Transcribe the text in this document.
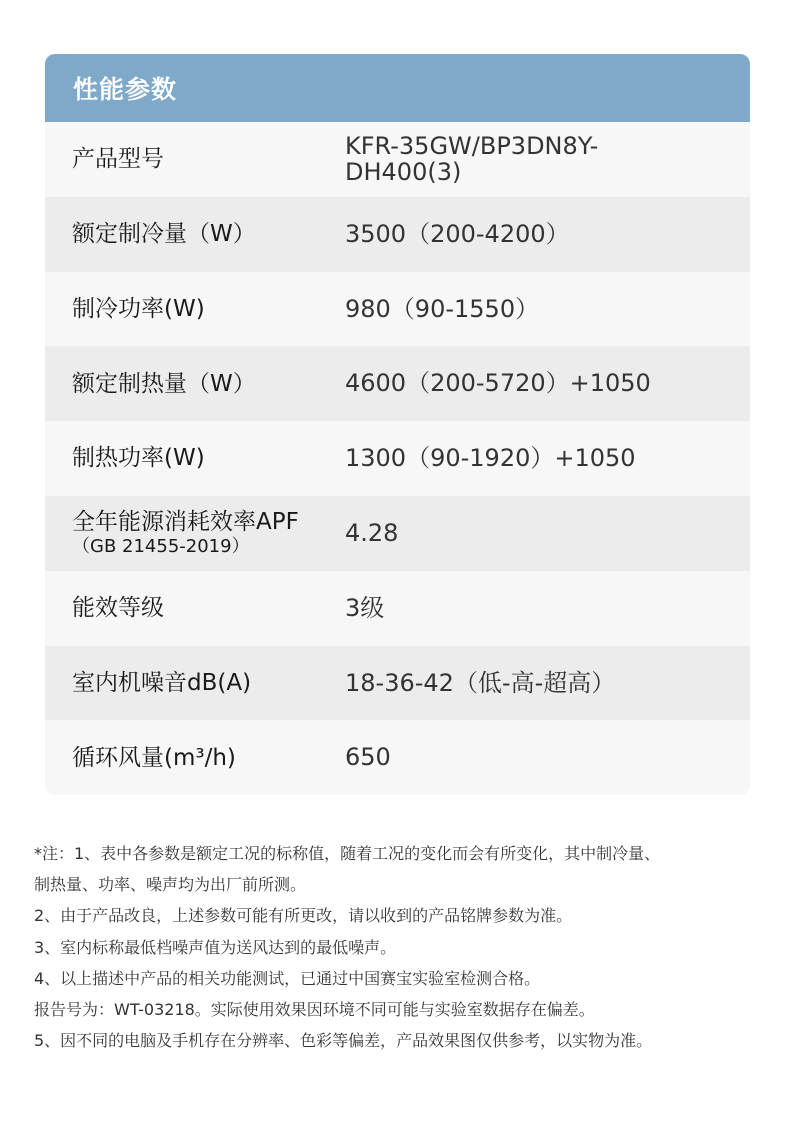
性能参数
产品型号	KFR-35GW/BP3DN8Y-DH400(3)
额定制冷量（W）	3500（200-4200）
制冷功率(W)	980（90-1550）
额定制热量（W）	4600（200-5720）+1050
制热功率(W)	1300（90-1920）+1050
全年能源消耗效率APF
（GB 21455-2019）	4.28
能效等级	3级
室内机噪音dB(A)	18-36-42（低-高-超高）
循环风量(m³/h)	650
*注：1、表中各参数是额定工况的标称值，随着工况的变化而会有所变化，其中制冷量、
制热量、功率、噪声均为出厂前所测。
2、由于产品改良，上述参数可能有所更改，请以收到的产品铭牌参数为准。
3、室内标称最低档噪声值为送风达到的最低噪声。
4、以上描述中产品的相关功能测试，已通过中国赛宝实验室检测合格。
报告号为：WT-03218。实际使用效果因环境不同可能与实验室数据存在偏差。
5、因不同的电脑及手机存在分辨率、色彩等偏差，产品效果图仅供参考，以实物为准。
